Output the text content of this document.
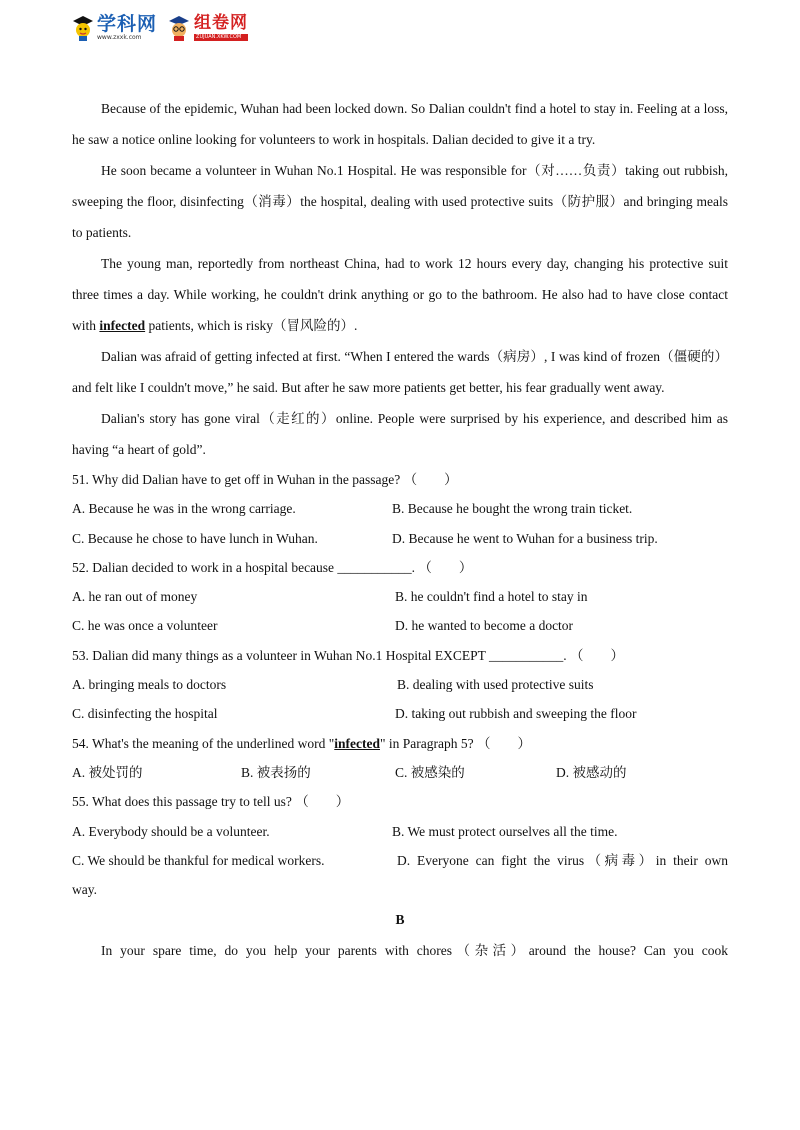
学科网
www.zxxk.com
组卷网
ZUJUAN.XKW.COM

Because of the epidemic, Wuhan had been locked down. So Dalian couldn't find a hotel to stay in. Feeling at a loss, he saw a notice online looking for volunteers to work in hospitals. Dalian decided to give it a try.

He soon became a volunteer in Wuhan No.1 Hospital. He was responsible for（对……负责）taking out rubbish, sweeping the floor, disinfecting（消毒）the hospital, dealing with used protective suits（防护服）and bringing meals to patients.

The young man, reportedly from northeast China, had to work 12 hours every day, changing his protective suit three times a day. While working, he couldn't drink anything or go to the bathroom. He also had to have close contact with infected patients, which is risky（冒风险的）.

Dalian was afraid of getting infected at first. “When I entered the wards（病房）, I was kind of frozen（僵硬的）and felt like I couldn't move,” he said. But after he saw more patients get better, his fear gradually went away.

Dalian's story has gone viral（走红的）online. People were surprised by his experience, and described him as having “a heart of gold”.

51. Why did Dalian have to get off in Wuhan in the passage? （　　）

A. Because he was in the wrong carriage.	B. Because he bought the wrong train ticket.
C. Because he chose to have lunch in Wuhan.	D. Because he went to Wuhan for a business trip.

52. Dalian decided to work in a hospital because ___________. （　　）

A. he ran out of money	B. he couldn't find a hotel to stay in
C. he was once a volunteer	D. he wanted to become a doctor

53. Dalian did many things as a volunteer in Wuhan No.1 Hospital EXCEPT ___________. （　　）

A. bringing meals to doctors	B. dealing with used protective suits
C. disinfecting the hospital	D. taking out rubbish and sweeping the floor

54. What's the meaning of the underlined word "infected" in Paragraph 5? （　　）

A. 被处罚的	B. 被表扬的	C. 被感染的	D. 被感动的

55. What does this passage try to tell us? （　　）

A. Everybody should be a volunteer.	B. We must protect ourselves all the time.
C. We should be thankful for medical workers.	D. Everyone can fight the virus（病毒）in their own

way.

B

In your spare time, do you help your parents with chores（杂活）around the house? Can you cook
